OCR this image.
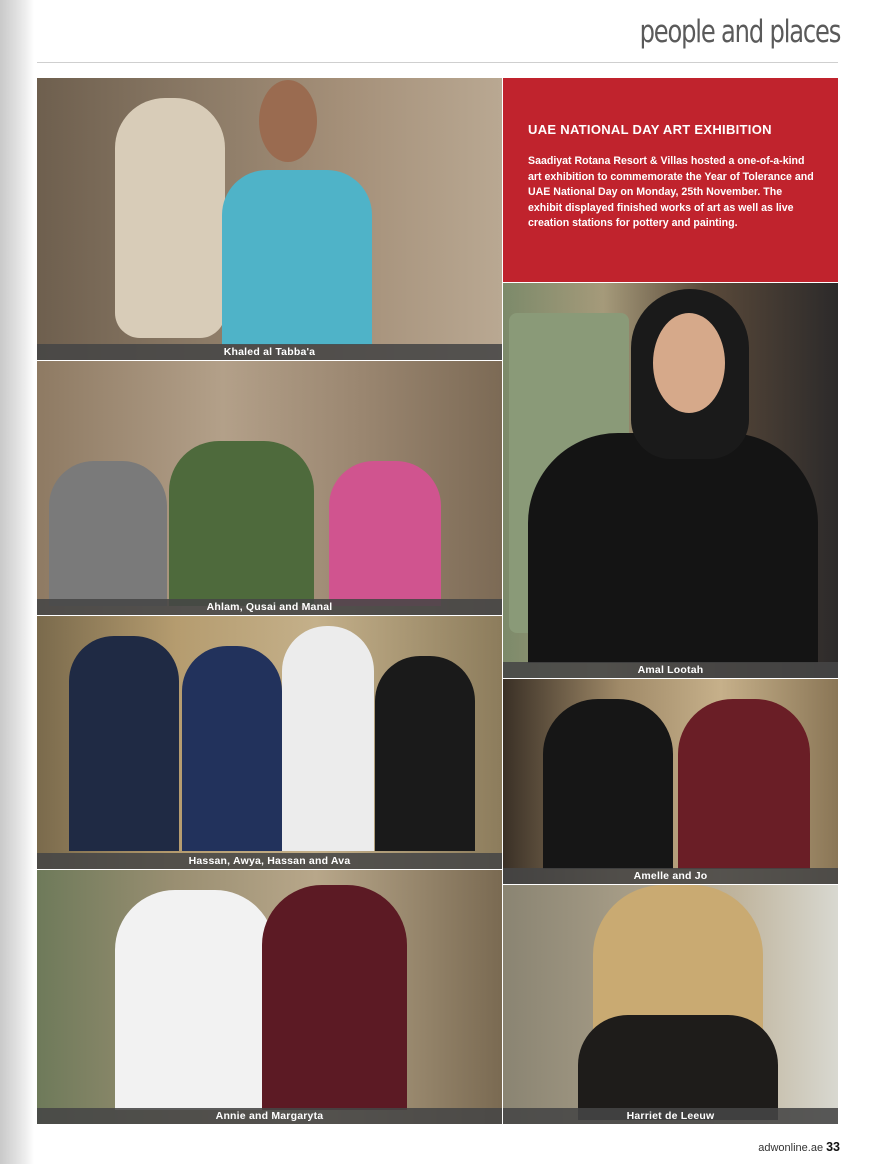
people and places
Khaled al Tabba'a
UAE NATIONAL DAY ART EXHIBITION
Saadiyat Rotana Resort & Villas hosted a one-of-a-kind art exhibition to commemorate the Year of Tolerance and UAE National Day on Monday, 25th November. The exhibit displayed finished works of art as well as live creation stations for pottery and painting.
Ahlam, Qusai and Manal
Amal Lootah
Hassan, Awya, Hassan and Ava
Amelle and Jo
Annie and Margaryta	Harriet de Leeuw
adwonline.ae 33
